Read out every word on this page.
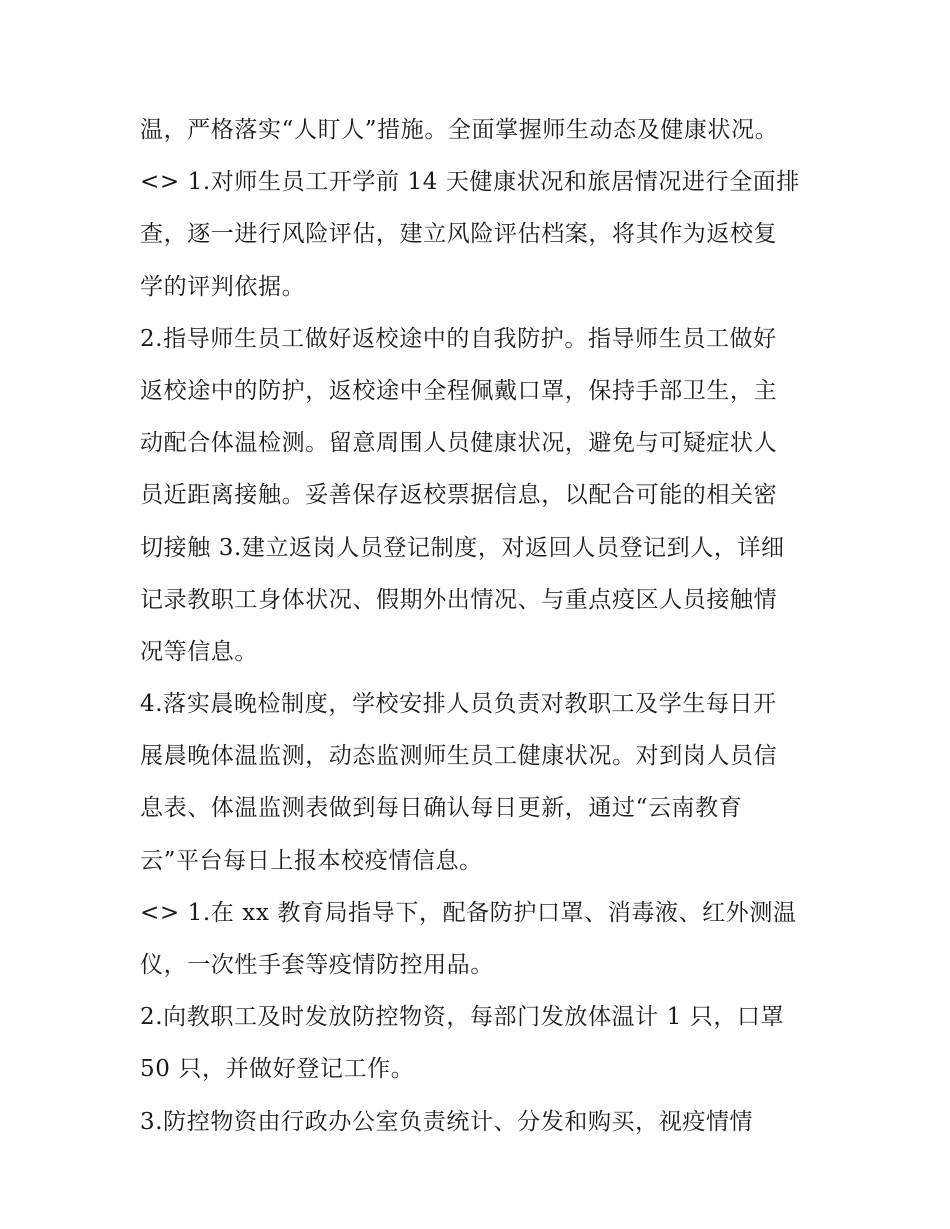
温，严格落实“人盯人”措施。全面掌握师生动态及健康状况。
<> 1.对师生员工开学前 14 天健康状况和旅居情况进行全面排
查，逐一进行风险评估，建立风险评估档案，将其作为返校复
学的评判依据。
2.指导师生员工做好返校途中的自我防护。指导师生员工做好
返校途中的防护，返校途中全程佩戴口罩，保持手部卫生，主
动配合体温检测。留意周围人员健康状况，避免与可疑症状人
员近距离接触。妥善保存返校票据信息，以配合可能的相关密
切接触 3.建立返岗人员登记制度，对返回人员登记到人，详细
记录教职工身体状况、假期外出情况、与重点疫区人员接触情
况等信息。
4.落实晨晚检制度，学校安排人员负责对教职工及学生每日开
展晨晚体温监测，动态监测师生员工健康状况。对到岗人员信
息表、体温监测表做到每日确认每日更新，通过“云南教育
云”平台每日上报本校疫情信息。
<> 1.在 xx 教育局指导下，配备防护口罩、消毒液、红外测温
仪，一次性手套等疫情防控用品。
2.向教职工及时发放防控物资，每部门发放体温计 1 只，口罩
50 只，并做好登记工作。
3.防控物资由行政办公室负责统计、分发和购买，视疫情情
